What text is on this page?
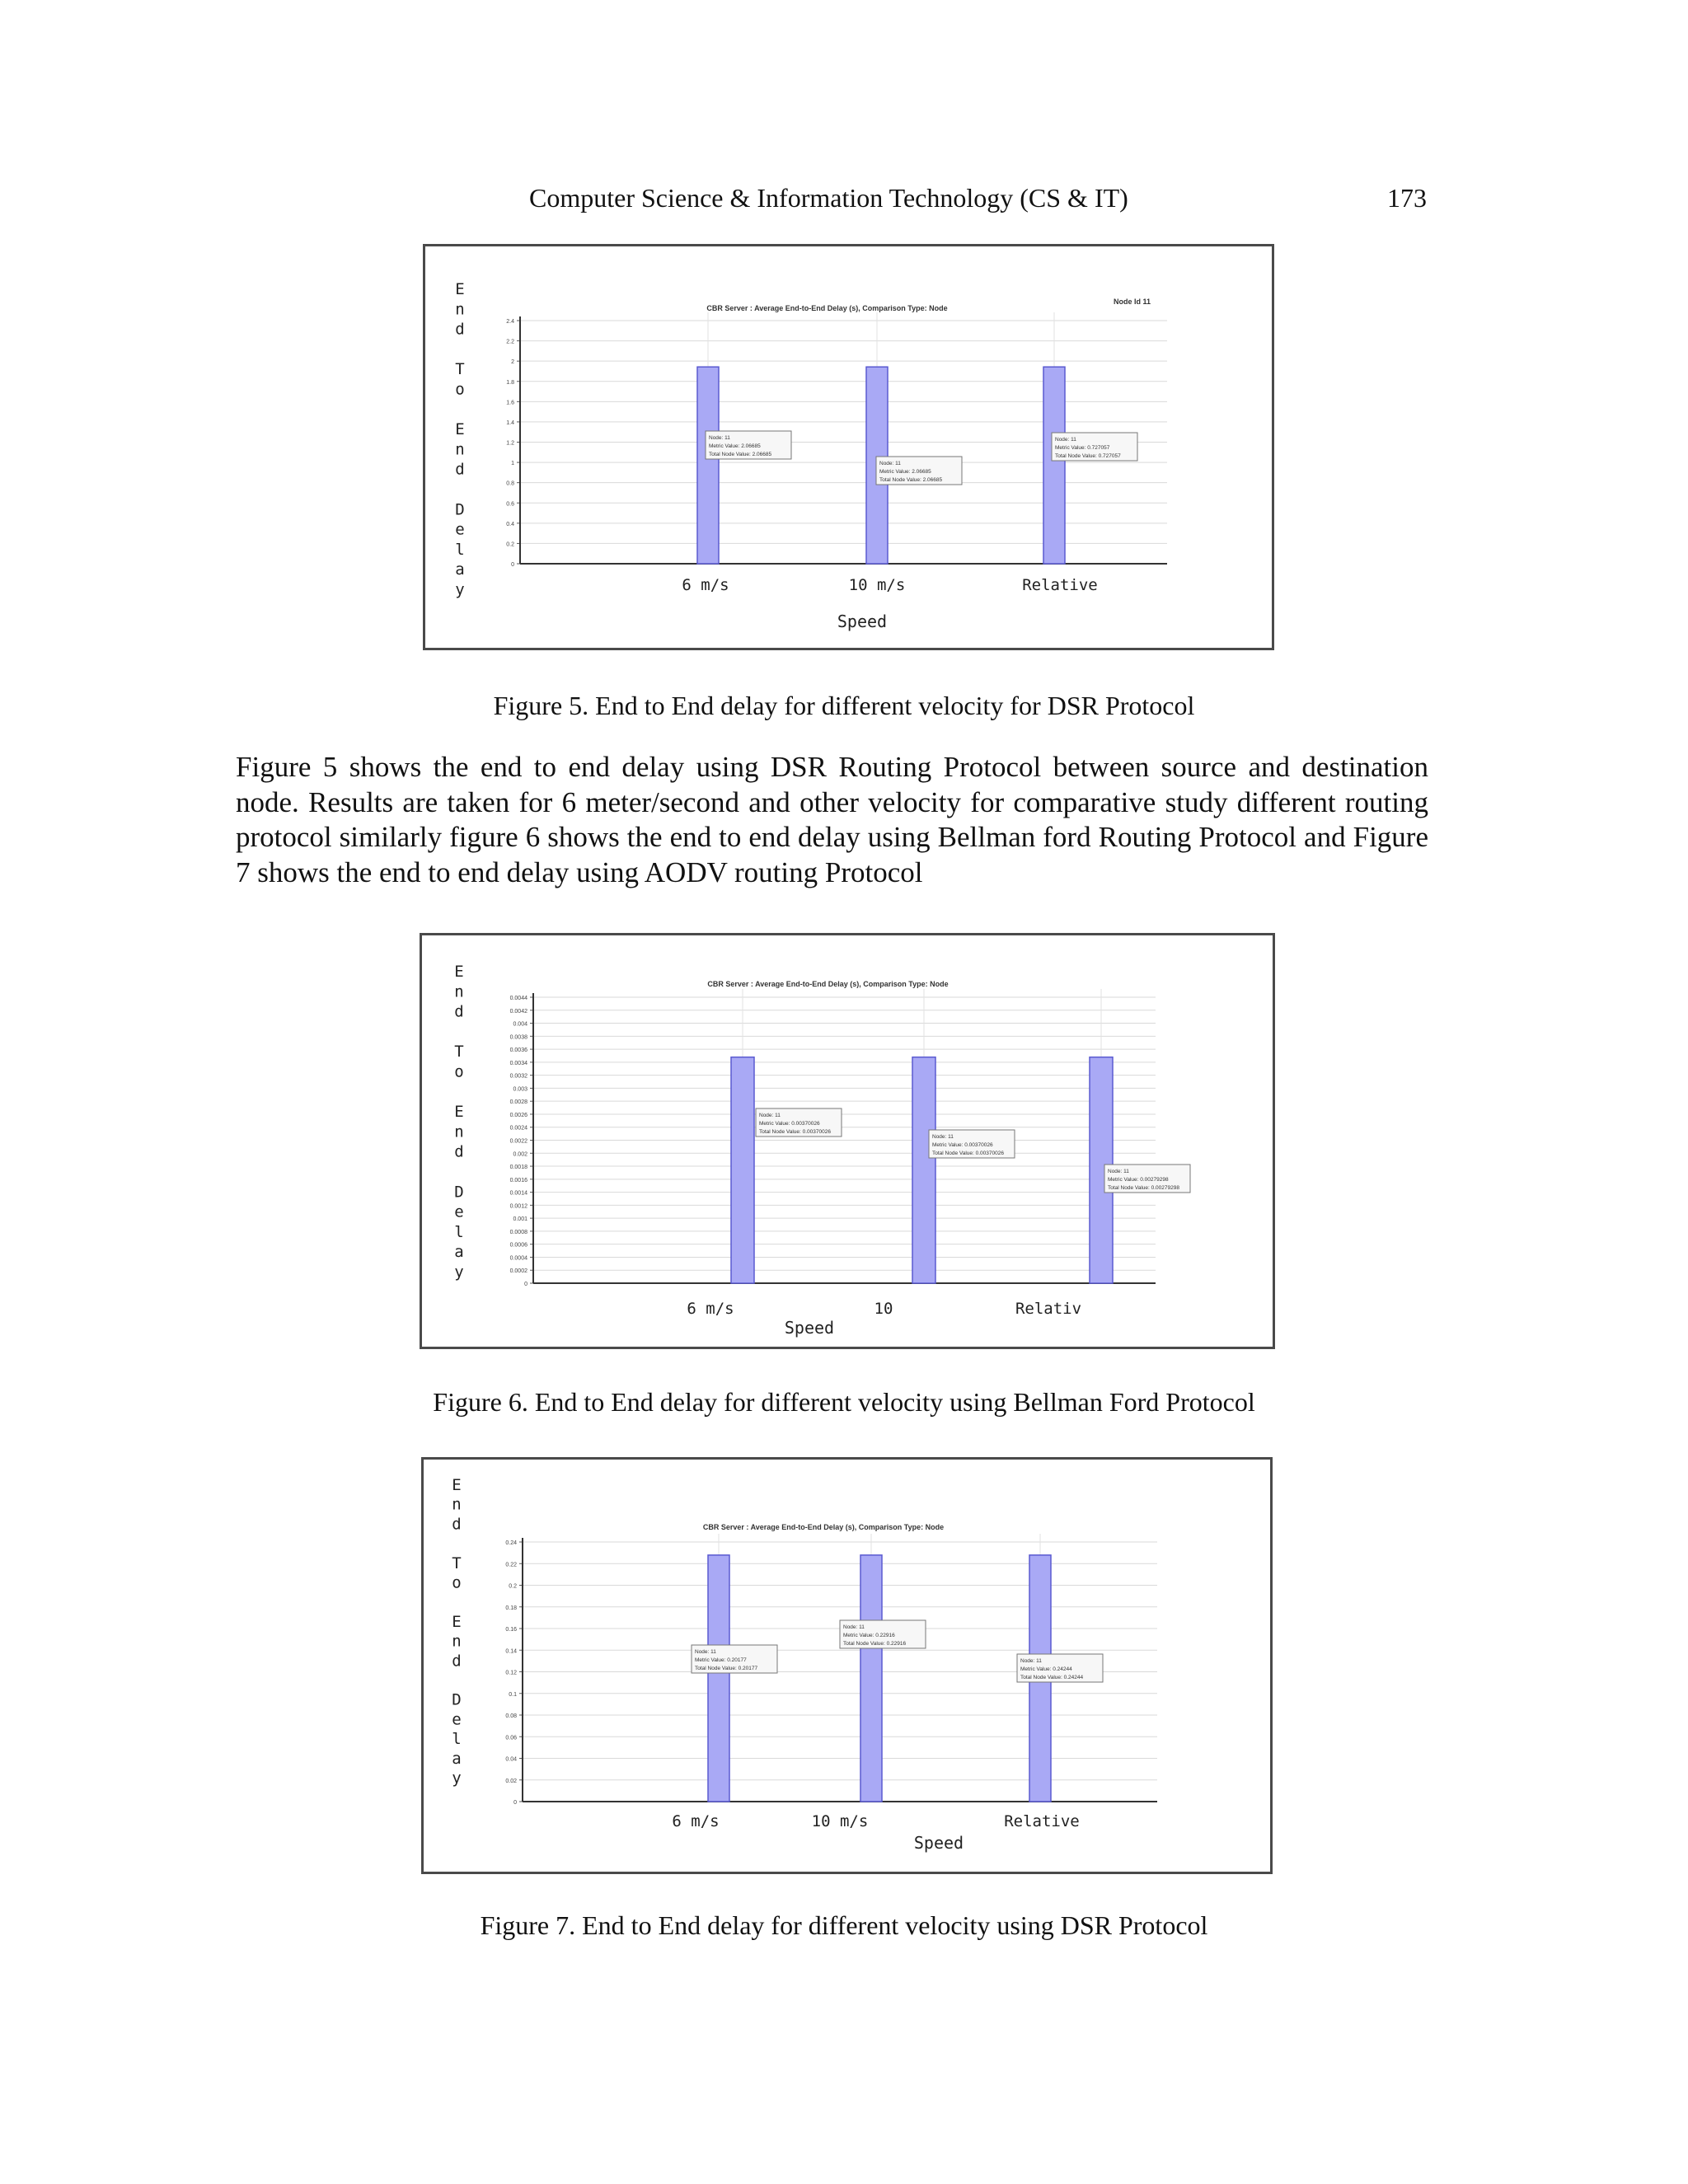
Computer Science & Information Technology (CS & IT)	173
CBR Server : Average End-to-End Delay (s), Comparison Type: Node
Node Id 11
E
n
d
T
o
E
n
d
D
e
l
a
y
0
0.2
0.4
0.6
0.8
1
1.2
1.4
1.6
1.8
2
2.2
2.4
Node: 11
Metric Value: 2.06685
Total Node Value: 2.06685
Node: 11
Metric Value: 2.06685
Total Node Value: 2.06685
Node: 11
Metric Value: 0.727057
Total Node Value: 0.727057
6 m/s	10 m/s	Relative
Speed
Figure 5. End to End delay for different velocity for DSR Protocol
Figure 5 shows the end to end delay using DSR Routing Protocol between source and destination node. Results are taken for 6 meter/second and other velocity for comparative study different routing protocol similarly figure 6 shows the end to end delay using Bellman ford Routing Protocol and Figure 7 shows the end to end delay using AODV routing Protocol
CBR Server : Average End-to-End Delay (s), Comparison Type: Node
E
n
d
T
o
E
n
d
D
e
l
a
y
0
0.0002
0.0004
0.0006
0.0008
0.001
0.0012
0.0014
0.0016
0.0018
0.002
0.0022
0.0024
0.0026
0.0028
0.003
0.0032
0.0034
0.0036
0.0038
0.004
0.0042
0.0044
Node: 11
Metric Value: 0.00370026
Total Node Value: 0.00370026
Node: 11
Metric Value: 0.00370026
Total Node Value: 0.00370026
Node: 11
Metric Value: 0.00279298
Total Node Value: 0.00279298
6 m/s	10	Relativ
Speed
Figure 6. End to End delay for different velocity using Bellman Ford Protocol
CBR Server : Average End-to-End Delay (s), Comparison Type: Node
E
n
d
T
o
E
n
d
D
e
l
a
y
0
0.02
0.04
0.06
0.08
0.1
0.12
0.14
0.16
0.18
0.2
0.22
0.24
Node: 11
Metric Value: 0.20177
Total Node Value: 0.20177
Node: 11
Metric Value: 0.22916
Total Node Value: 0.22916
Node: 11
Metric Value: 0.24244
Total Node Value: 0.24244
6 m/s	10 m/s	Relative
Speed
Figure 7. End to End delay for different velocity using DSR Protocol
